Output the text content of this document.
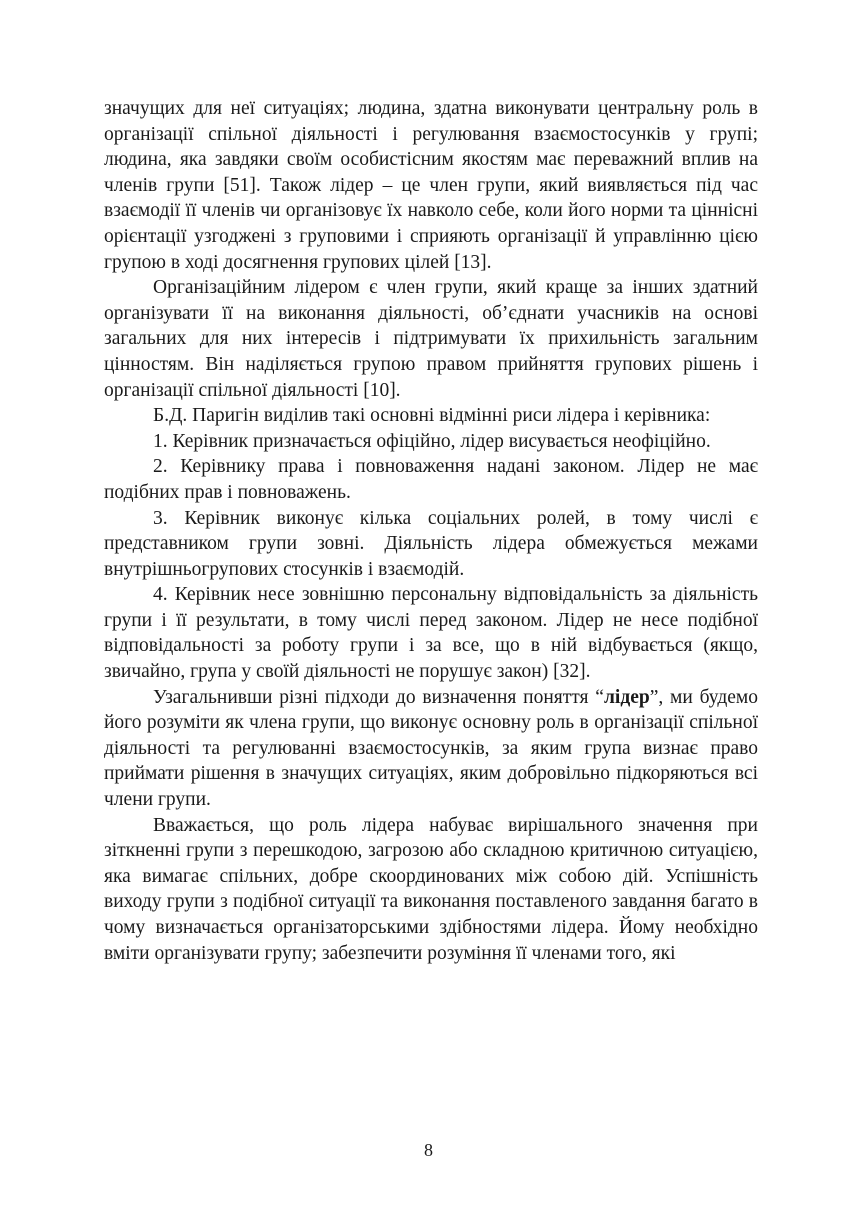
значущих для неї ситуаціях; людина, здатна виконувати центральну роль в організації спільної діяльності і регулювання взаємостосунків у групі; людина, яка завдяки своїм особистісним якостям має переважний вплив на членів групи [51]. Також лідер – це член групи, який виявляється під час взаємодії її членів чи організовує їх навколо себе, коли його норми та ціннісні орієнтації узгоджені з груповими і сприяють організації й управлінню цією групою в ході досягнення групових цілей [13].

Організаційним лідером є член групи, який краще за інших здатний організувати її на виконання діяльності, об’єднати учасників на основі загальних для них інтересів і підтримувати їх прихильність загальним цінностям. Він наділяється групою правом прийняття групових рішень і організації спільної діяльності [10].

Б.Д. Паригін виділив такі основні відмінні риси лідера і керівника:

1. Керівник призначається офіційно, лідер висувається неофіційно.

2. Керівнику права і повноваження надані законом. Лідер не має подібних прав і повноважень.

3. Керівник виконує кілька соціальних ролей, в тому числі є представником групи зовні. Діяльність лідера обмежується межами внутрішньогрупових стосунків і взаємодій.

4. Керівник несе зовнішню персональну відповідальність за діяльність групи і її результати, в тому числі перед законом. Лідер не несе подібної відповідальності за роботу групи і за все, що в ній відбувається (якщо, звичайно, група у своїй діяльності не порушує закон) [32].

Узагальнивши різні підходи до визначення поняття “лідер”, ми будемо його розуміти як члена групи, що виконує основну роль в організації спільної діяльності та регулюванні взаємостосунків, за яким група визнає право приймати рішення в значущих ситуаціях, яким добровільно підкоряються всі члени групи.

Вважається, що роль лідера набуває вирішального значення при зіткненні групи з перешкодою, загрозою або складною критичною ситуацією, яка вимагає спільних, добре скоординованих між собою дій. Успішність виходу групи з подібної ситуації та виконання поставленого завдання багато в чому визначається організаторськими здібностями лідера. Йому необхідно вміти організувати групу; забезпечити розуміння її членами того, які

8
